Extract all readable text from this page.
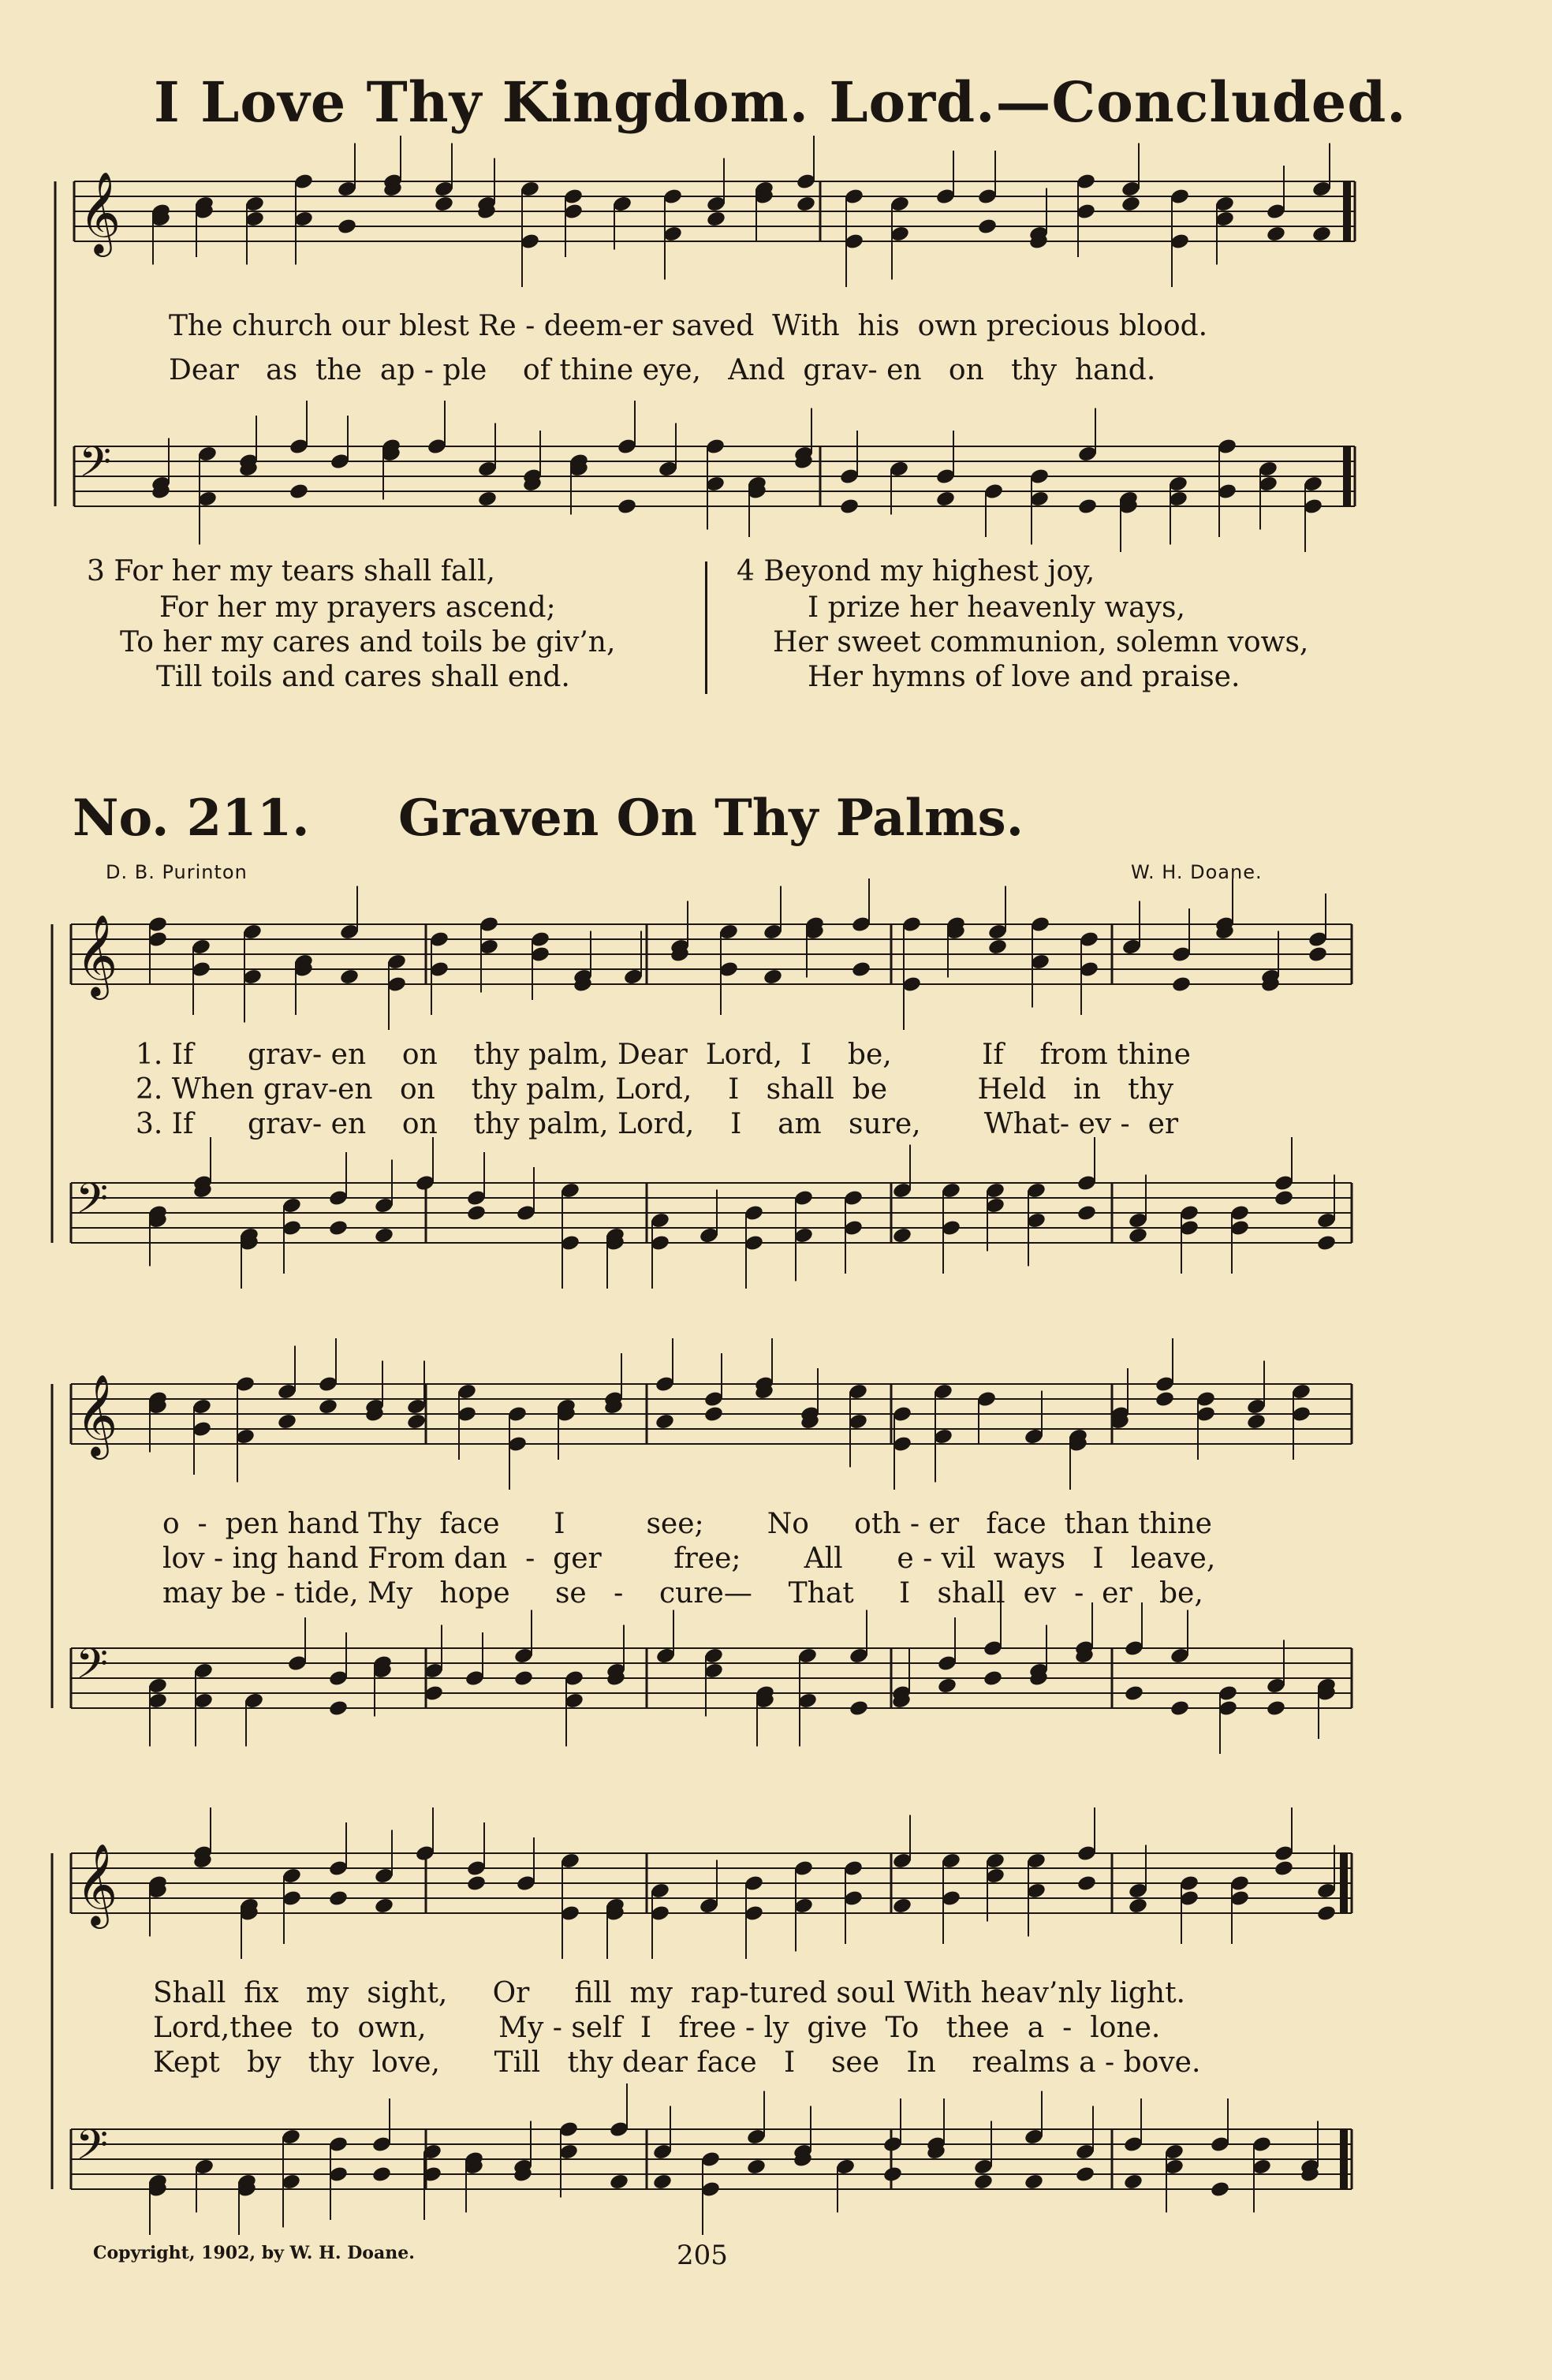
I Love Thy Kingdom. Lord.—Concluded.
𝄞
𝄢
𝄞
𝄢
𝄞
𝄢
𝄞
𝄢
The church our blest Re - deem-er saved  With  his  own precious blood.
Dear   as  the  ap - ple    of thine eye,   And  grav- en   on   thy  hand.
3 For her my tears shall fall,
For her my prayers ascend;
To her my cares and toils be giv’n,
Till toils and cares shall end.
4 Beyond my highest joy,
I prize her heavenly ways,
Her sweet communion, solemn vows,
Her hymns of love and praise.
No. 211. Graven On Thy Palms.
D. B. Purinton	W. H. Doane.
1. If      grav- en    on    thy palm, Dear  Lord,  I    be,          If    from thine
2. When grav-en   on    thy palm, Lord,    I   shall  be          Held   in   thy
3. If      grav- en    on    thy palm, Lord,    I    am   sure,       What- ev -  er
o  -  pen hand Thy  face      I         see;       No     oth - er   face  than thine
lov - ing hand From dan  -  ger        free;       All      e - vil  ways   I   leave,
may be - tide, My   hope     se   -    cure—    That     I   shall  ev  -  er   be,
Shall  fix   my  sight,     Or     fill  my  rap-tured soul With heav’nly light.
Lord,thee  to  own,        My - self  I   free - ly  give  To   thee  a  -  lone.
Kept   by   thy  love,      Till   thy dear face   I    see   In    realms a - bove.
Copyright, 1902, by W. H. Doane.	205
